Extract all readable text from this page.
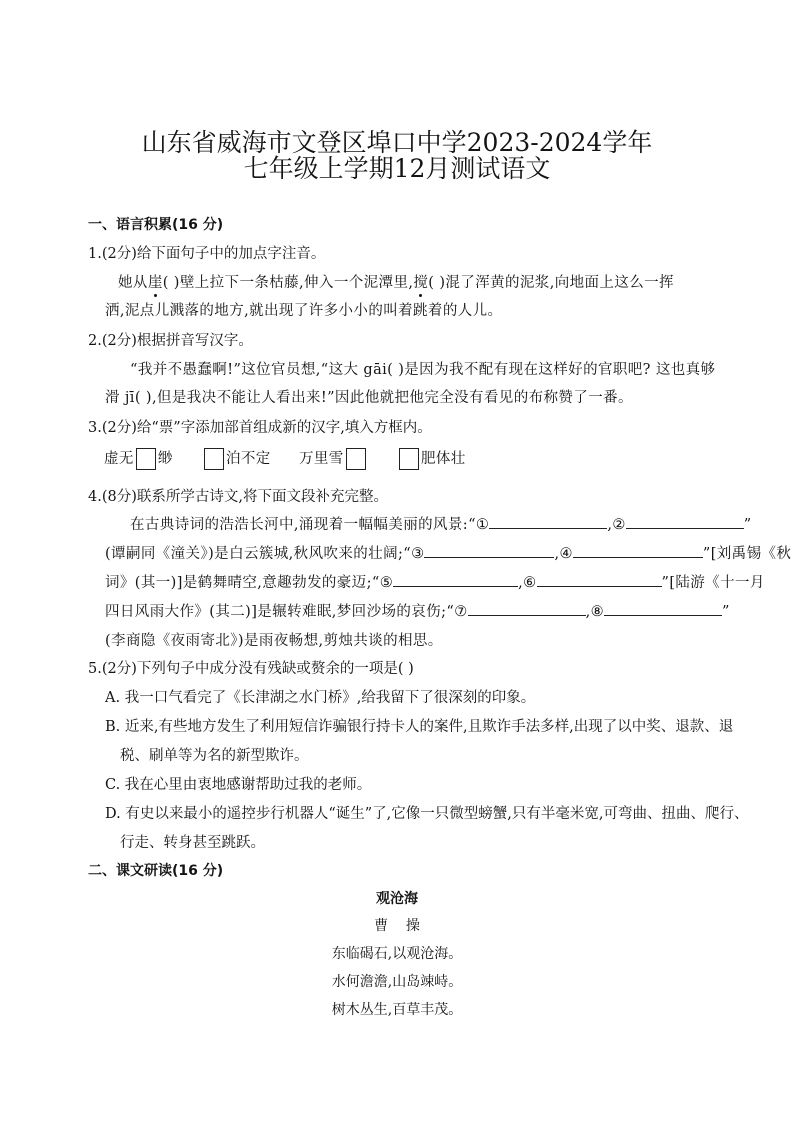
山东省威海市文登区埠口中学2023-2024学年
七年级上学期12月测试语文
一、语言积累(16 分)
1.(2分)给下面句子中的加点字注音。
她从崖( )壁上拉下一条枯藤,伸入一个泥潭里,搅( )混了浑黄的泥浆,向地面上这么一挥
洒,泥点儿溅落的地方,就出现了许多小小的叫着跳着的人儿。
2.(2分)根据拼音写汉字。
“我并不愚蠢啊!”这位官员想,“这大 gāi( )是因为我不配有现在这样好的官职吧? 这也真够
滑 jī( ),但是我决不能让人看出来!”因此他就把他完全没有看见的布称赞了一番。
3.(2分)给“票”字添加部首组成新的汉字,填入方框内。
虚无 缈	泊不定 万里雪	肥体壮
4.(8分)联系所学古诗文,将下面文段补充完整。
在古典诗词的浩浩长河中,涌现着一幅幅美丽的风景:“①	,②	”
(谭嗣同《潼关》)是白云簇城,秋风吹来的壮阔;“③	,④	”[刘禹锡《秋
词》(其一)]是鹤舞晴空,意趣勃发的豪迈;“⑤	,⑥	”[陆游《十一月
四日风雨大作》(其二)]是辗转难眠,梦回沙场的哀伤;“⑦	,⑧	”
(李商隐《夜雨寄北》)是雨夜畅想,剪烛共谈的相思。
5.(2分)下列句子中成分没有残缺或赘余的一项是( )
A. 我一口气看完了《长津湖之水门桥》,给我留下了很深刻的印象。
B. 近来,有些地方发生了利用短信诈骗银行持卡人的案件,且欺诈手法多样,出现了以中奖、退款、退
税、刷单等为名的新型欺诈。
C. 我在心里由衷地感谢帮助过我的老师。
D. 有史以来最小的遥控步行机器人“诞生”了,它像一只微型螃蟹,只有半毫米宽,可弯曲、扭曲、爬行、
行走、转身甚至跳跃。
二、课文研读(16 分)
观沧海
曹    操
东临碣石,以观沧海。
水何澹澹,山岛竦峙。
树木丛生,百草丰茂。
